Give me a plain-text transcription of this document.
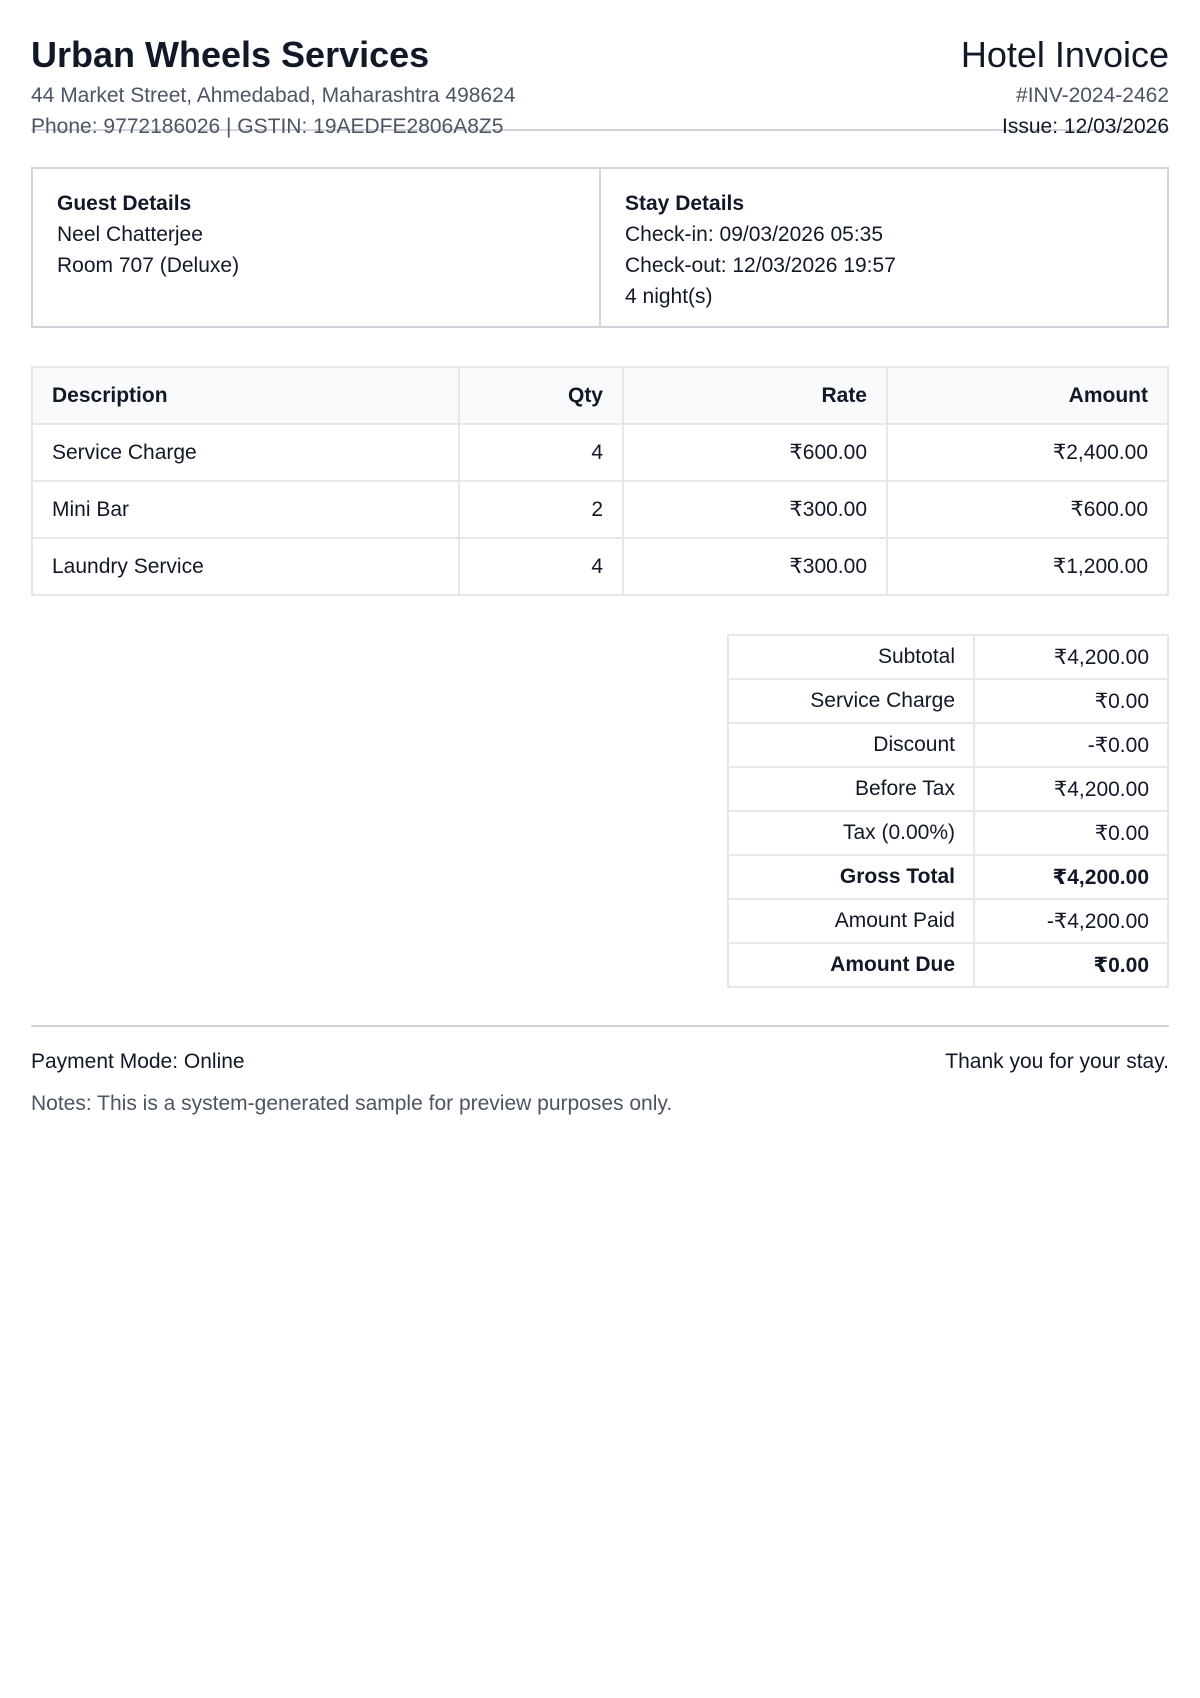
Urban Wheels Services
44 Market Street, Ahmedabad, Maharashtra 498624
Phone: 9772186026 | GSTIN: 19AEDFE2806A8Z5
Hotel Invoice
#INV-2024-2462
Issue: 12/03/2026
Guest Details
Neel Chatterjee
Room 707 (Deluxe)
Stay Details
Check-in: 09/03/2026 05:35
Check-out: 12/03/2026 19:57
4 night(s)
Description	Qty	Rate	Amount
Service Charge	4	₹600.00	₹2,400.00
Mini Bar	2	₹300.00	₹600.00
Laundry Service	4	₹300.00	₹1,200.00
Subtotal	₹4,200.00
Service Charge	₹0.00
Discount	-₹0.00
Before Tax	₹4,200.00
Tax (0.00%)	₹0.00
Gross Total	₹4,200.00
Amount Paid	-₹4,200.00
Amount Due	₹0.00
Payment Mode: Online	Thank you for your stay.
Notes: This is a system-generated sample for preview purposes only.
